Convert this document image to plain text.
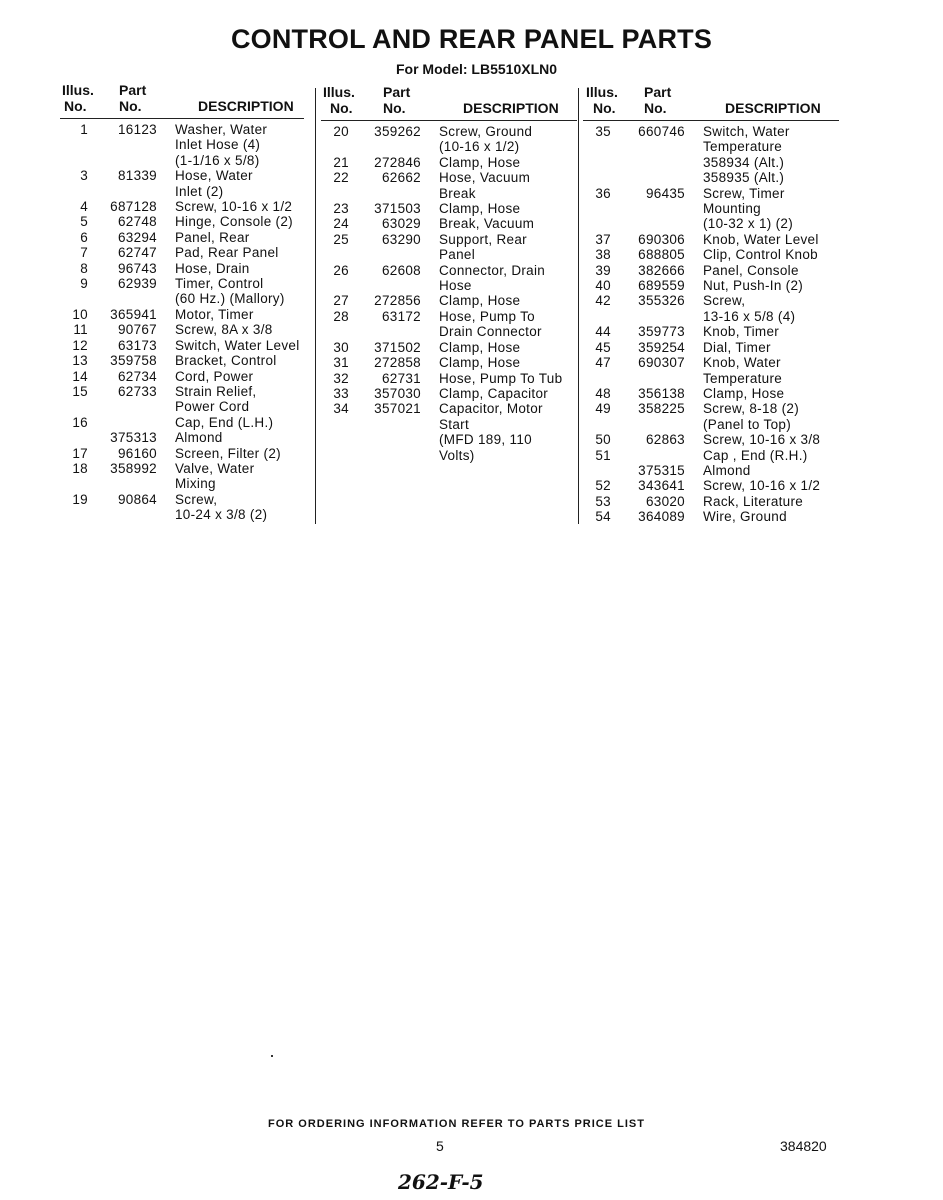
CONTROL AND REAR PANEL PARTS
For Model: LB5510XLN0
Illus.
No.
Part
No.	DESCRIPTION
Illus.
No.
Part
No.	DESCRIPTION
Illus.
No.
Part
No.	DESCRIPTION
1	16123 Washer, Water
Inlet Hose (4)
(1-1/16 x 5/8)
3	81339 Hose, Water
Inlet (2)
4	687128 Screw, 10-16 x 1/2
5	62748 Hinge, Console (2)
6	63294 Panel, Rear
7	62747 Pad, Rear Panel
8	96743 Hose, Drain
9	62939 Timer, Control
(60 Hz.) (Mallory)
10	365941 Motor, Timer
11	90767 Screw, 8A x 3/8
12	63173 Switch, Water Level
13	359758 Bracket, Control
14	62734 Cord, Power
15	62733 Strain Relief,
Power Cord
16	Cap, End (L.H.)
375313 Almond
17	96160 Screen, Filter (2)
18	358992 Valve, Water
Mixing
19	90864 Screw,
10-24 x 3/8 (2)
20	359262 Screw, Ground
(10-16 x 1/2)
21	272846 Clamp, Hose
22	62662 Hose, Vacuum
Break
23	371503 Clamp, Hose
24	63029 Break, Vacuum
25	63290 Support, Rear
Panel
26	62608 Connector, Drain
Hose
27	272856 Clamp, Hose
28	63172 Hose, Pump To
Drain Connector
30	371502 Clamp, Hose
31	272858 Clamp, Hose
32	62731 Hose, Pump To Tub
33	357030 Clamp, Capacitor
34	357021 Capacitor, Motor
Start
(MFD 189, 110
Volts)
35	660746 Switch, Water
Temperature
358934 (Alt.)
358935 (Alt.)
36	96435 Screw, Timer
Mounting
(10-32 x 1) (2)
37	690306 Knob, Water Level
38	688805 Clip, Control Knob
39	382666 Panel, Console
40	689559 Nut, Push-In (2)
42	355326 Screw,
13-16 x 5/8 (4)
44	359773 Knob, Timer
45	359254 Dial, Timer
47	690307 Knob, Water
Temperature
48	356138 Clamp, Hose
49	358225 Screw, 8-18 (2)
(Panel to Top)
50	62863 Screw, 10-16 x 3/8
51	Cap , End (R.H.)
375315 Almond
52	343641 Screw, 10-16 x 1/2
53	63020 Rack, Literature
54	364089 Wire, Ground
FOR ORDERING INFORMATION REFER TO PARTS PRICE LIST
5	384820
262-F-5
